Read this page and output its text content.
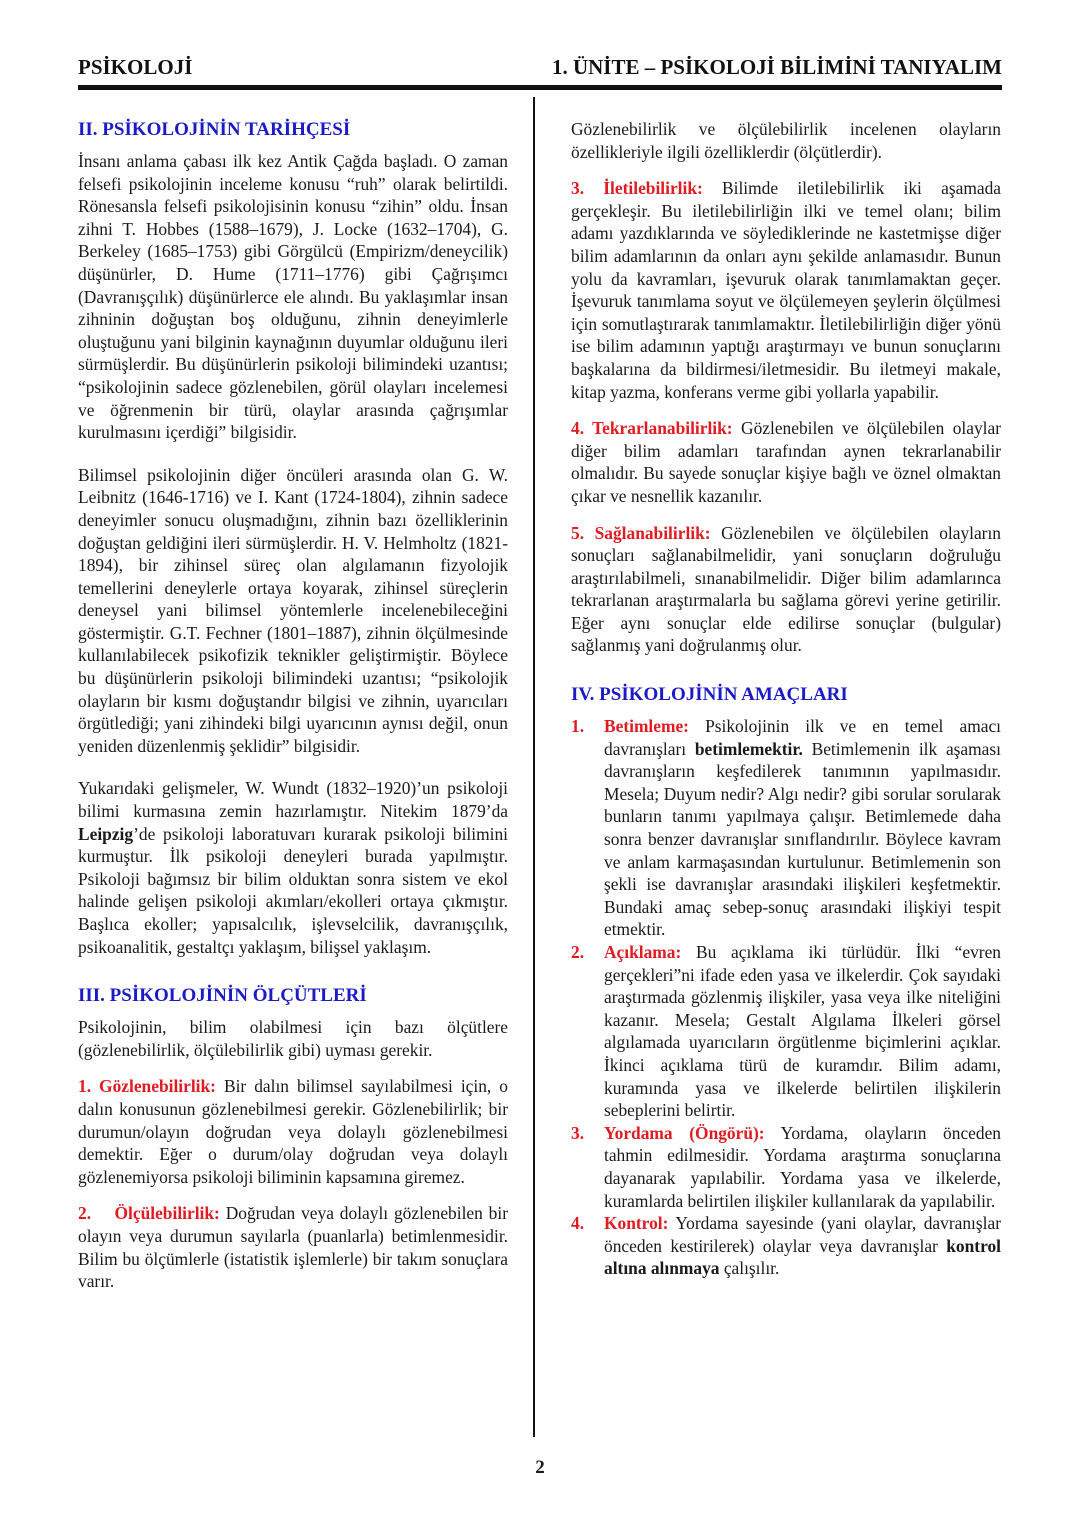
PSİKOLOJİ	1. ÜNİTE – PSİKOLOJİ BİLİMİNİ TANIYALIM
II. PSİKOLOJİNİN TARİHÇESİ

İnsanı anlama çabası ilk kez Antik Çağda başladı. O zaman felsefi psikolojinin inceleme konusu “ruh” olarak belirtildi. Rönesansla felsefi psikolojisinin konusu “zihin” oldu. İnsan zihni T. Hobbes (1588–1679), J. Locke (1632–1704), G. Berkeley (1685–1753) gibi Görgülcü (Empirizm/deneycilik) düşünürler, D. Hume (1711–1776) gibi Çağrışımcı (Davranışçılık) düşünürlerce ele alındı. Bu yaklaşımlar insan zihninin doğuştan boş olduğunu, zihnin deneyimlerle oluştuğunu yani bilginin kaynağının duyumlar olduğunu ileri sürmüşlerdir. Bu düşünürlerin psikoloji bilimindeki uzantısı; “psikolojinin sadece gözlenebilen, görül olayları incelemesi ve öğrenmenin bir türü, olaylar arasında çağrışımlar kurulmasını içerdiği” bilgisidir.

Bilimsel psikolojinin diğer öncüleri arasında olan G. W. Leibnitz (1646-1716) ve I. Kant (1724-1804), zihnin sadece deneyimler sonucu oluşmadığını, zihnin bazı özelliklerinin doğuştan geldiğini ileri sürmüşlerdir. H. V. Helmholtz (1821-1894), bir zihinsel süreç olan algılamanın fizyolojik temellerini deneylerle ortaya koyarak, zihinsel süreçlerin deneysel yani bilimsel yöntemlerle incelenebileceğini göstermiştir. G.T. Fechner (1801–1887), zihnin ölçülmesinde kullanılabilecek psikofizik teknikler geliştirmiştir. Böylece bu düşünürlerin psikoloji bilimindeki uzantısı; “psikolojik olayların bir kısmı doğuştandır bilgisi ve zihnin, uyarıcıları örgütlediği; yani zihindeki bilgi uyarıcının aynısı değil, onun yeniden düzenlenmiş şeklidir” bilgisidir.

Yukarıdaki gelişmeler, W. Wundt (1832–1920)’un psikoloji bilimi kurmasına zemin hazırlamıştır. Nitekim 1879’da Leipzig’de psikoloji laboratuvarı kurarak psikoloji bilimini kurmuştur. İlk psikoloji deneyleri burada yapılmıştır. Psikoloji bağımsız bir bilim olduktan sonra sistem ve ekol halinde gelişen psikoloji akımları/ekolleri ortaya çıkmıştır. Başlıca ekoller; yapısalcılık, işlevselcilik, davranışçılık, psikoanalitik, gestaltçı yaklaşım, bilişsel yaklaşım.

III. PSİKOLOJİNİN ÖLÇÜTLERİ

Psikolojinin, bilim olabilmesi için bazı ölçütlere (gözlenebilirlik, ölçülebilirlik gibi) uyması gerekir.

1. Gözlenebilirlik: Bir dalın bilimsel sayılabilmesi için, o dalın konusunun gözlenebilmesi gerekir. Gözlenebilirlik; bir durumun/olayın doğrudan veya dolaylı gözlenebilmesi demektir. Eğer o durum/olay doğrudan veya dolaylı gözlenemiyorsa psikoloji biliminin kapsamına giremez.

2.    Ölçülebilirlik: Doğrudan veya dolaylı gözlenebilen bir olayın veya durumun sayılarla (puanlarla) betimlenmesidir. Bilim bu ölçümlerle (istatistik işlemlerle) bir takım sonuçlara varır.

Gözlenebilirlik ve ölçülebilirlik incelenen olayların özellikleriyle ilgili özelliklerdir (ölçütlerdir).

3. İletilebilirlik: Bilimde iletilebilirlik iki aşamada gerçekleşir. Bu iletilebilirliğin ilki ve temel olanı; bilim adamı yazdıklarında ve söylediklerinde ne kastetmişse diğer bilim adamlarının da onları aynı şekilde anlamasıdır. Bunun yolu da kavramları, işevuruk olarak tanımlamaktan geçer. İşevuruk tanımlama soyut ve ölçülemeyen şeylerin ölçülmesi için somutlaştırarak tanımlamaktır. İletilebilirliğin diğer yönü ise bilim adamının yaptığı araştırmayı ve bunun sonuçlarını başkalarına da bildirmesi/iletmesidir. Bu iletmeyi makale, kitap yazma, konferans verme gibi yollarla yapabilir.

4. Tekrarlanabilirlik: Gözlenebilen ve ölçülebilen olaylar diğer bilim adamları tarafından aynen tekrarlanabilir olmalıdır. Bu sayede sonuçlar kişiye bağlı ve öznel olmaktan çıkar ve nesnellik kazanılır.

5. Sağlanabilirlik: Gözlenebilen ve ölçülebilen olayların sonuçları sağlanabilmelidir, yani sonuçların doğruluğu araştırılabilmeli, sınanabilmelidir. Diğer bilim adamlarınca tekrarlanan araştırmalarla bu sağlama görevi yerine getirilir. Eğer aynı sonuçlar elde edilirse sonuçlar (bulgular) sağlanmış yani doğrulanmış olur.

IV. PSİKOLOJİNİN AMAÇLARI
1.	Betimleme: Psikolojinin ilk ve en temel amacı davranışları betimlemektir. Betimlemenin ilk aşaması davranışların keşfedilerek tanımının yapılmasıdır. Mesela; Duyum nedir? Algı nedir? gibi sorular sorularak bunların tanımı yapılmaya çalışır. Betimlemede daha sonra benzer davranışlar sınıflandırılır. Böylece kavram ve anlam karmaşasından kurtulunur. Betimlemenin son şekli ise davranışlar arasındaki ilişkileri keşfetmektir. Bundaki amaç sebep-sonuç arasındaki ilişkiyi tespit etmektir.
2.	Açıklama: Bu açıklama iki türlüdür. İlki “evren gerçekleri”ni ifade eden yasa ve ilkelerdir. Çok sayıdaki araştırmada gözlenmiş ilişkiler, yasa veya ilke niteliğini kazanır. Mesela; Gestalt Algılama İlkeleri görsel algılamada uyarıcıların örgütlenme biçimlerini açıklar. İkinci açıklama türü de kuramdır. Bilim adamı, kuramında yasa ve ilkelerde belirtilen ilişkilerin sebeplerini belirtir.
3.	Yordama (Öngörü): Yordama, olayların önceden tahmin edilmesidir. Yordama araştırma sonuçlarına dayanarak yapılabilir. Yordama yasa ve ilkelerde, kuramlarda belirtilen ilişkiler kullanılarak da yapılabilir.
4.	Kontrol: Yordama sayesinde (yani olaylar, davranışlar önceden kestirilerek) olaylar veya davranışlar kontrol altına alınmaya çalışılır.
2
